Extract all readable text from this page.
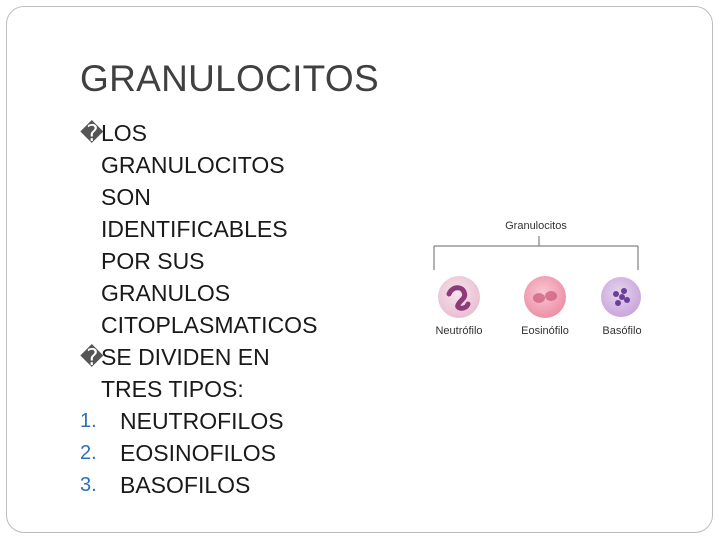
GRANULOCITOS
�
LOS
GRANULOCITOS
SON
IDENTIFICABLES
POR SUS
GRANULOS
CITOPLASMATICOS
�
SE DIVIDEN EN
TRES TIPOS:
1. NEUTROFILOS
2. EOSINOFILOS
3. BASOFILOS
Granulocitos
Neutrófilo	Eosinófilo	Basófilo
